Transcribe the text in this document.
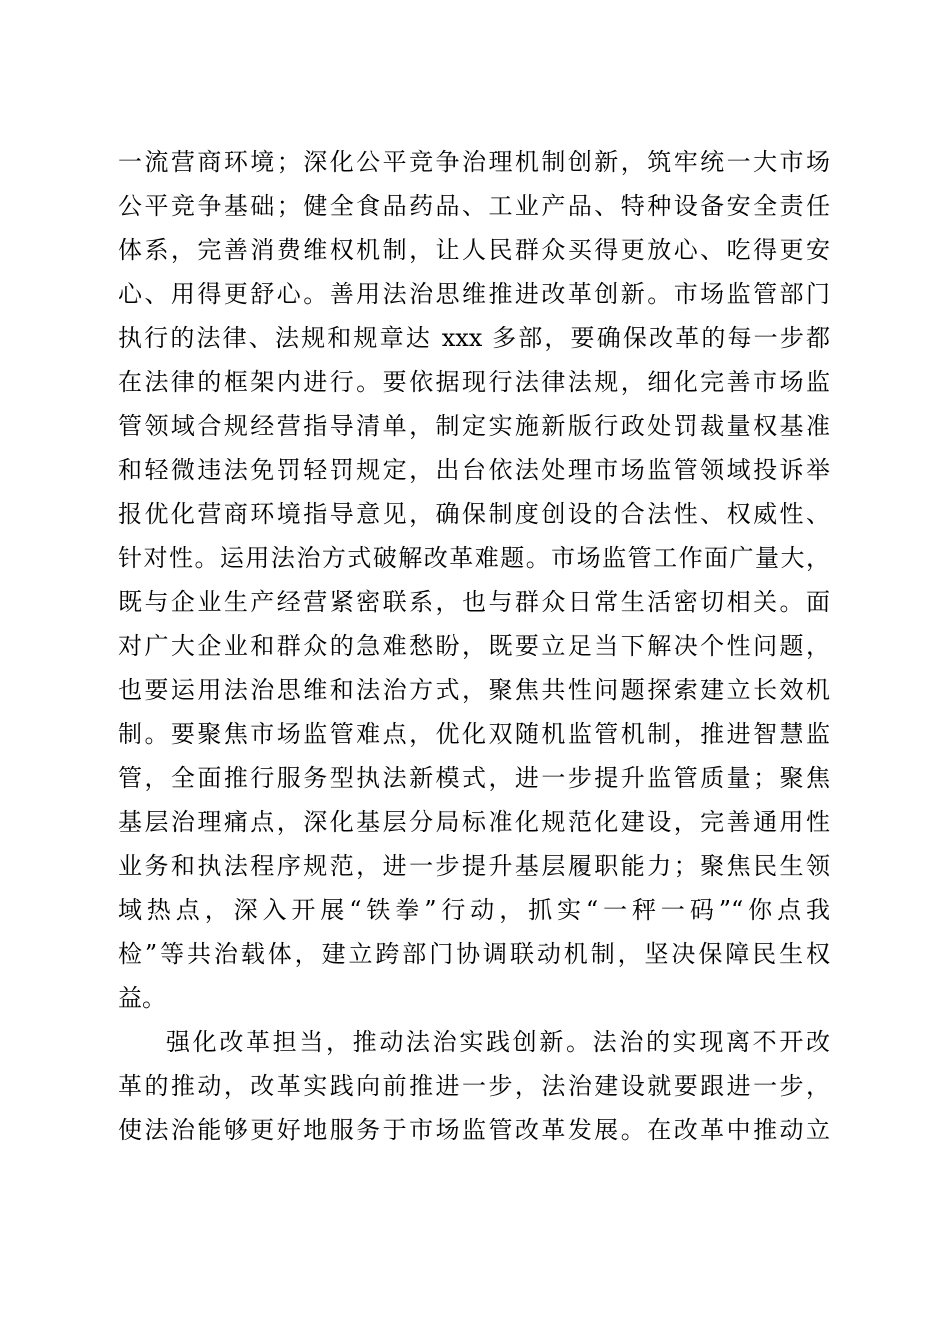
一流营商环境；深化公平竞争治理机制创新，筑牢统一大市场
公平竞争基础；健全食品药品、工业产品、特种设备安全责任
体系，完善消费维权机制，让人民群众买得更放心、吃得更安
心、用得更舒心。善用法治思维推进改革创新。市场监管部门
执行的法律、法规和规章达 xxx 多部，要确保改革的每一步都
在法律的框架内进行。要依据现行法律法规，细化完善市场监
管领域合规经营指导清单，制定实施新版行政处罚裁量权基准
和轻微违法免罚轻罚规定，出台依法处理市场监管领域投诉举
报优化营商环境指导意见，确保制度创设的合法性、权威性、
针对性。运用法治方式破解改革难题。市场监管工作面广量大，
既与企业生产经营紧密联系，也与群众日常生活密切相关。面
对广大企业和群众的急难愁盼，既要立足当下解决个性问题，
也要运用法治思维和法治方式，聚焦共性问题探索建立长效机
制。要聚焦市场监管难点，优化双随机监管机制，推进智慧监
管，全面推行服务型执法新模式，进一步提升监管质量；聚焦
基层治理痛点，深化基层分局标准化规范化建设，完善通用性
业务和执法程序规范，进一步提升基层履职能力；聚焦民生领
域热点，深入开展“铁拳”行动，抓实“一秤一码”“你点我
检”等共治载体，建立跨部门协调联动机制，坚决保障民生权
益。
强化改革担当，推动法治实践创新。法治的实现离不开改
革的推动，改革实践向前推进一步，法治建设就要跟进一步，
使法治能够更好地服务于市场监管改革发展。在改革中推动立
